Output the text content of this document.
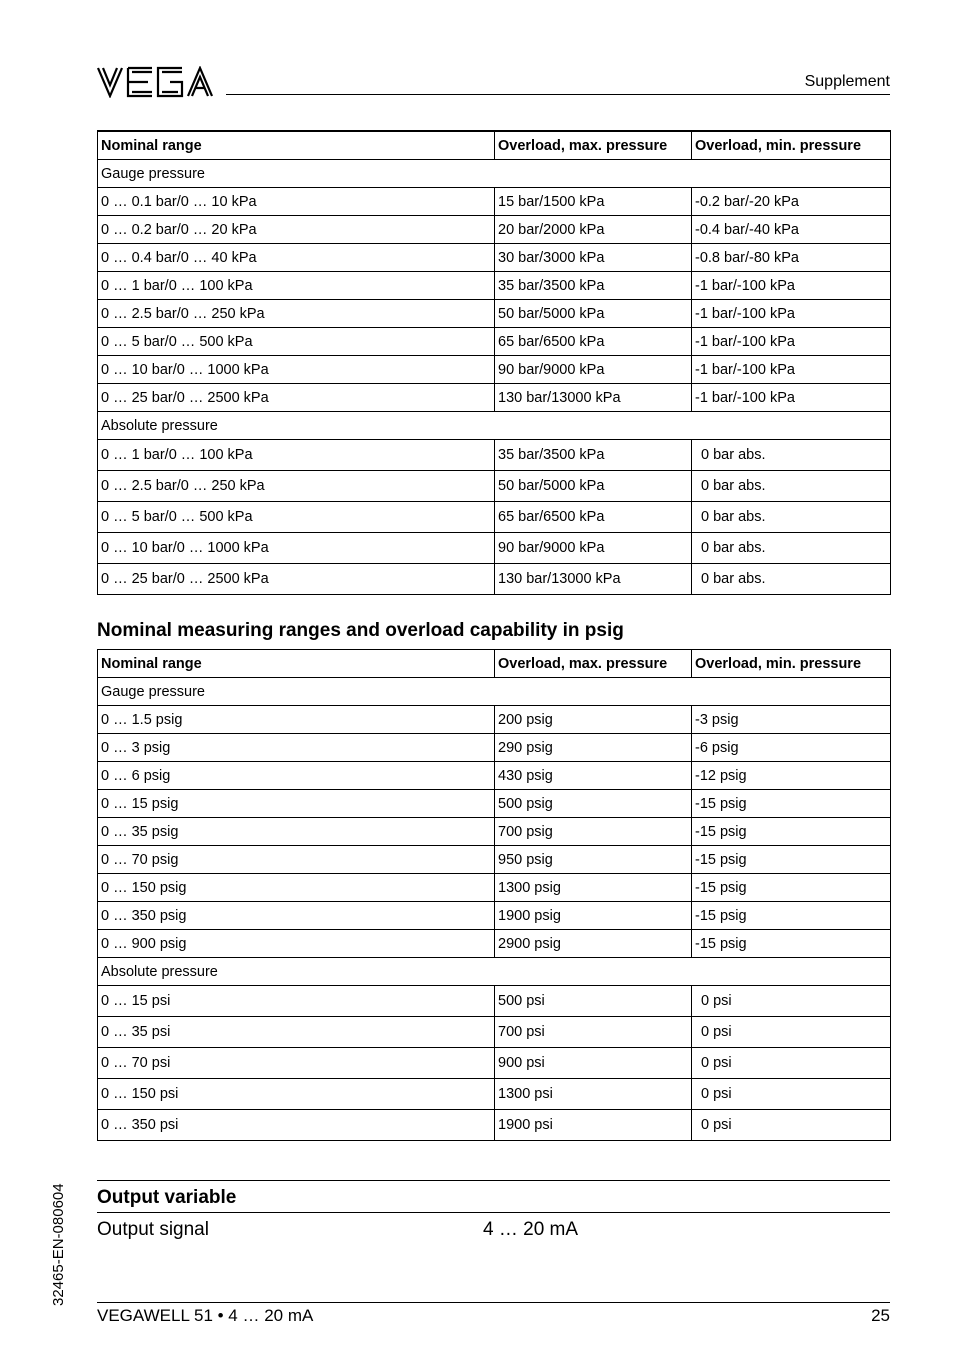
Supplement
Nominal range	Overload, max. pressure	Overload, min. pressure
Gauge pressure		
0 … 0.1 bar/0 … 10 kPa	15 bar/1500 kPa	-0.2 bar/-20 kPa
0 … 0.2 bar/0 … 20 kPa	20 bar/2000 kPa	-0.4 bar/-40 kPa
0 … 0.4 bar/0 … 40 kPa	30 bar/3000 kPa	-0.8 bar/-80 kPa
0 … 1 bar/0 … 100 kPa	35 bar/3500 kPa	-1 bar/-100 kPa
0 … 2.5 bar/0 … 250 kPa	50 bar/5000 kPa	-1 bar/-100 kPa
0 … 5 bar/0 … 500 kPa	65 bar/6500 kPa	-1 bar/-100 kPa
0 … 10 bar/0 … 1000 kPa	90 bar/9000 kPa	-1 bar/-100 kPa
0 … 25 bar/0 … 2500 kPa	130 bar/13000 kPa	-1 bar/-100 kPa
Absolute pressure		
0 … 1 bar/0 … 100 kPa	35 bar/3500 kPa	0 bar abs.
0 … 2.5 bar/0 … 250 kPa	50 bar/5000 kPa	0 bar abs.
0 … 5 bar/0 … 500 kPa	65 bar/6500 kPa	0 bar abs.
0 … 10 bar/0 … 1000 kPa	90 bar/9000 kPa	0 bar abs.
0 … 25 bar/0 … 2500 kPa	130 bar/13000 kPa	0 bar abs.
Nominal measuring ranges and overload capability in psig
Nominal range	Overload, max. pressure	Overload, min. pressure
Gauge pressure		
0 … 1.5 psig	200 psig	-3 psig
0 … 3 psig	290 psig	-6 psig
0 … 6 psig	430 psig	-12 psig
0 … 15 psig	500 psig	-15 psig
0 … 35 psig	700 psig	-15 psig
0 … 70 psig	950 psig	-15 psig
0 … 150 psig	1300 psig	-15 psig
0 … 350 psig	1900 psig	-15 psig
0 … 900 psig	2900 psig	-15 psig
Absolute pressure		
0 … 15 psi	500 psi	0 psi
0 … 35 psi	700 psi	0 psi
0 … 70 psi	900 psi	0 psi
0 … 150 psi	1300 psi	0 psi
0 … 350 psi	1900 psi	0 psi
Output variable
Output signal	4 … 20 mA
32465-EN-080604
VEGAWELL 51 • 4 … 20 mA	25
